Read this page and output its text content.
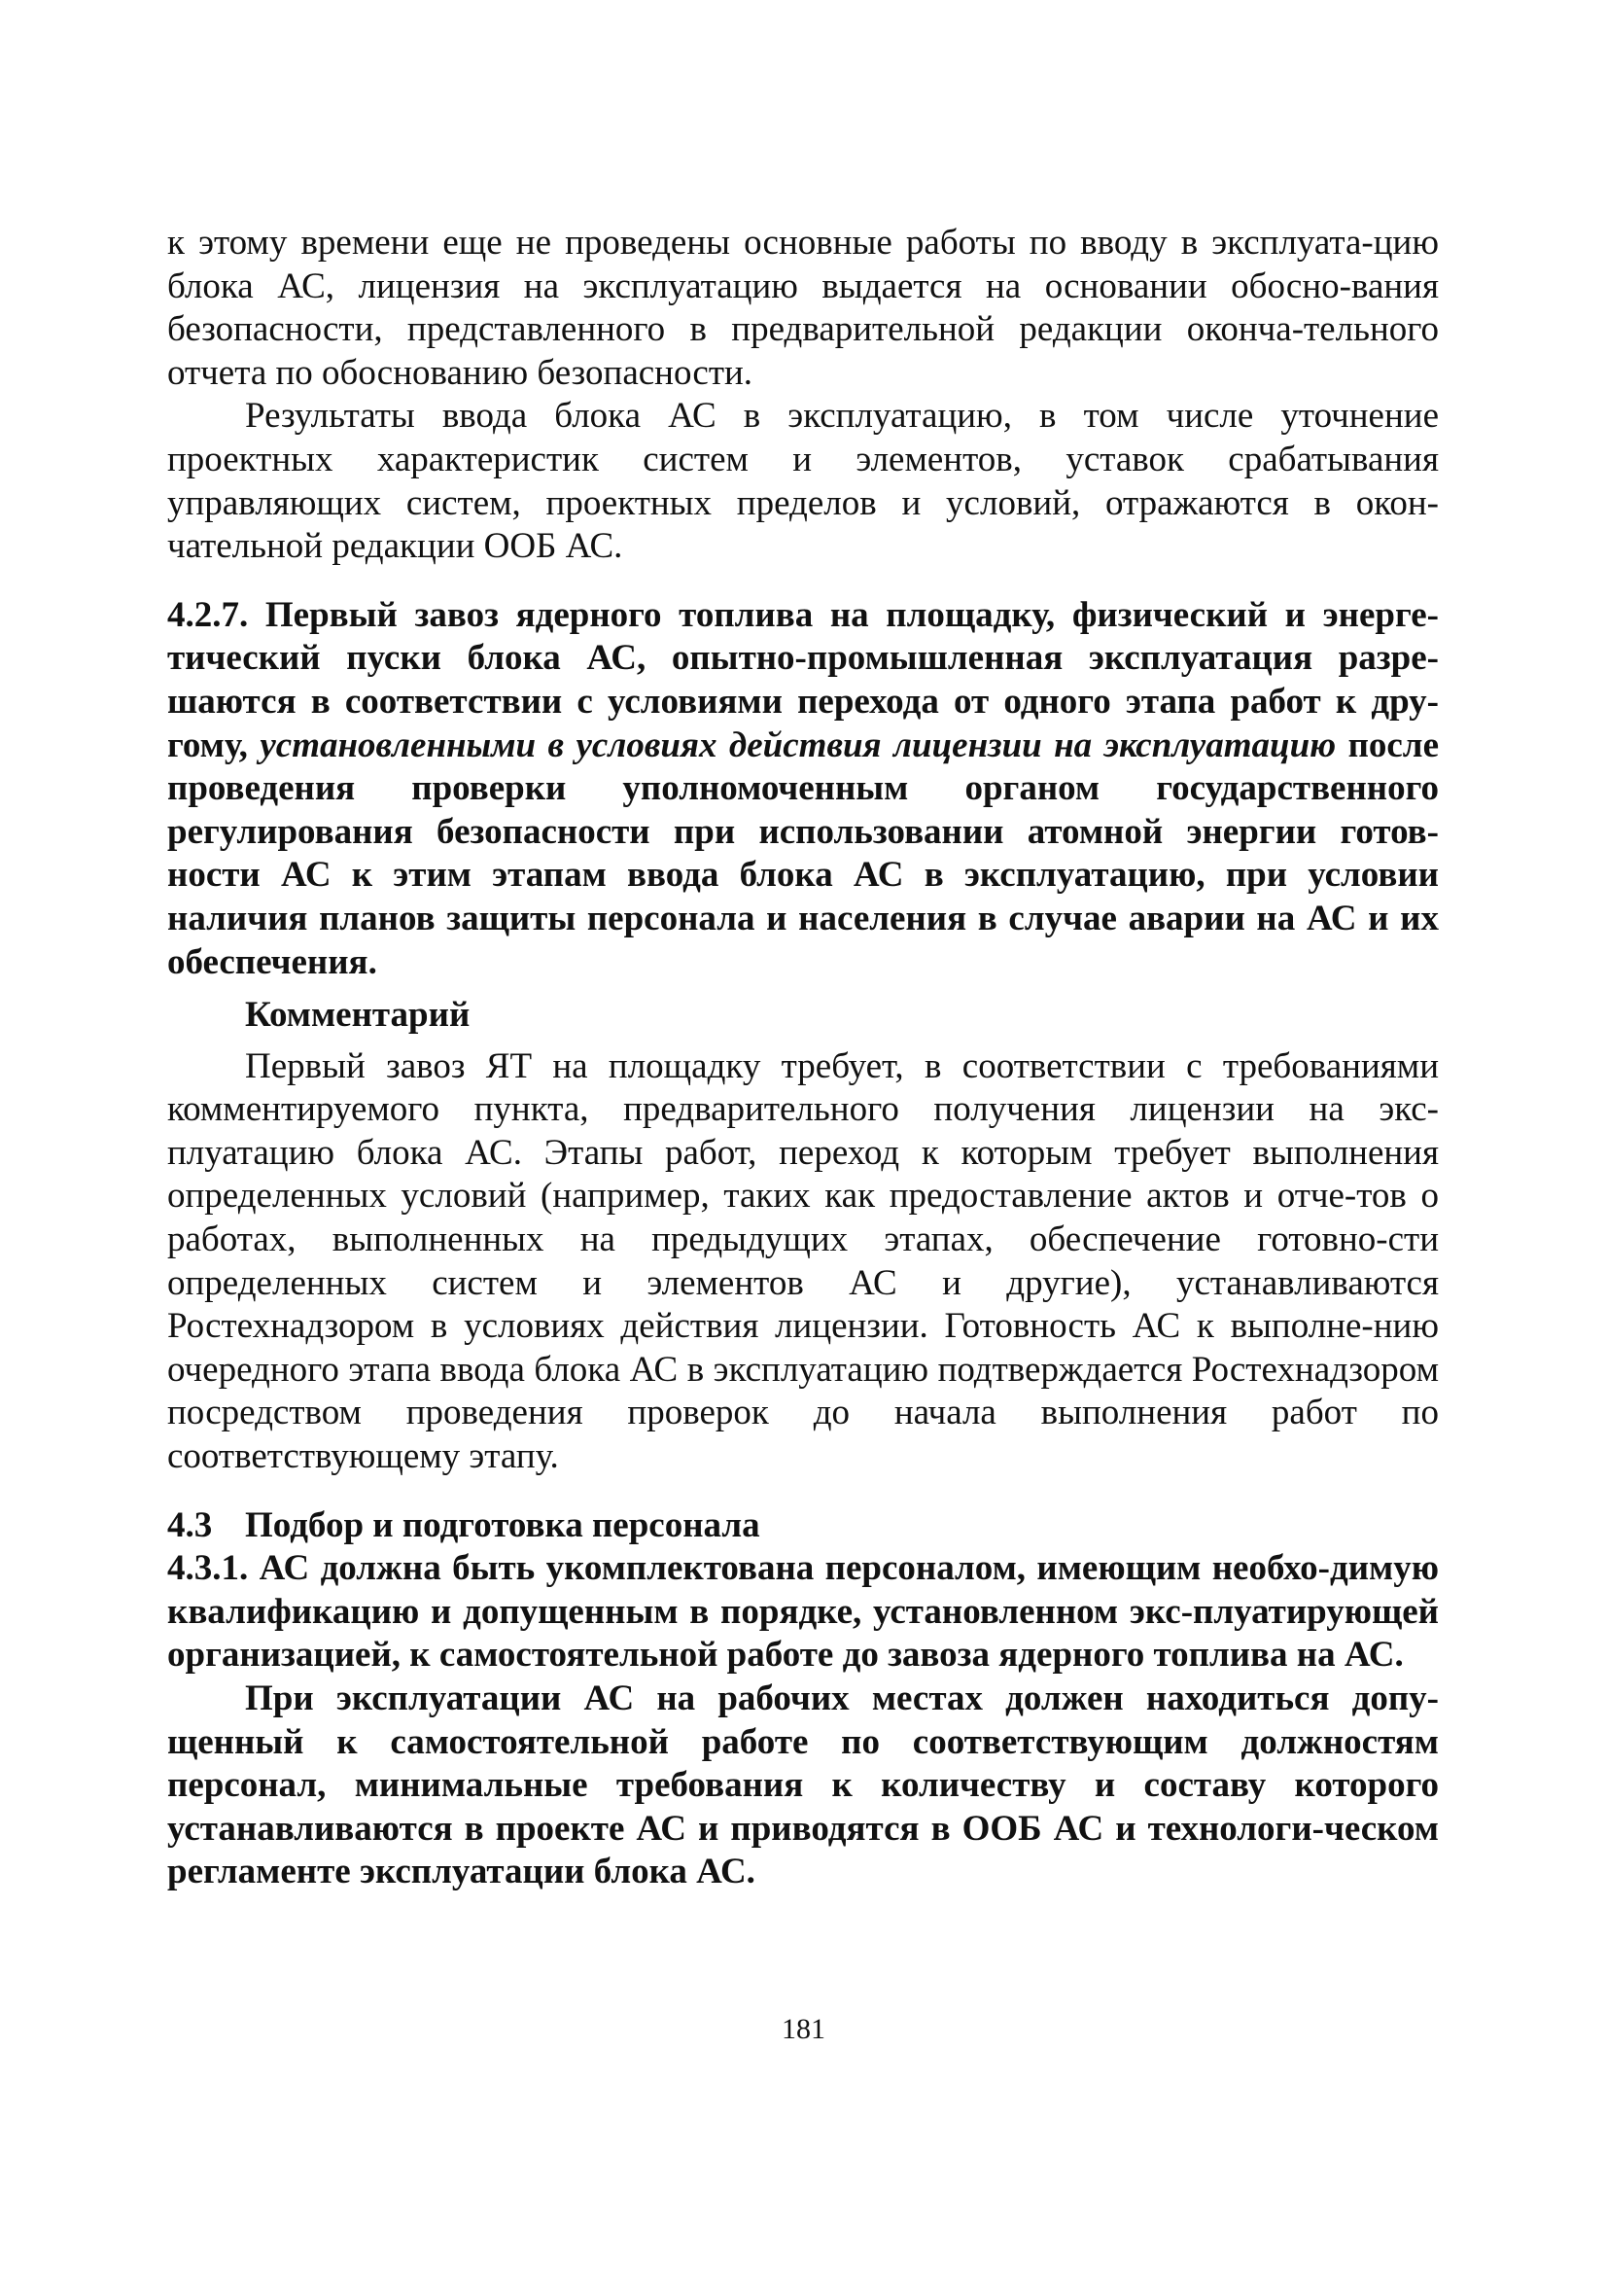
к этому времени еще не проведены основные работы по вводу в эксплуата-цию блока АС, лицензия на эксплуатацию выдается на основании обосно-вания безопасности, представленного в предварительной редакции оконча-тельного отчета по обоснованию безопасности.

Результаты ввода блока АС в эксплуатацию, в том числе уточнение проектных характеристик систем и элементов, уставок срабатывания управляющих систем, проектных пределов и условий, отражаются в окон-чательной редакции ООБ АС.

4.2.7. Первый завоз ядерного топлива на площадку, физический и энерге-тический пуски блока АС, опытно-промышленная эксплуатация разре-шаются в соответствии с условиями перехода от одного этапа работ к дру-гому, установленными в условиях действия лицензии на эксплуатацию после проведения проверки уполномоченным органом государственного регулирования безопасности при использовании атомной энергии готов-ности АС к этим этапам ввода блока АС в эксплуатацию, при условии наличия планов защиты персонала и населения в случае аварии на АС и их обеспечения.

Комментарий

Первый завоз ЯТ на площадку требует, в соответствии с требованиями комментируемого пункта, предварительного получения лицензии на экс-плуатацию блока АС. Этапы работ, переход к которым требует выполнения определенных условий (например, таких как предоставление актов и отче-тов о работах, выполненных на предыдущих этапах, обеспечение готовно-сти определенных систем и элементов АС и другие), устанавливаются Ростехнадзором в условиях действия лицензии. Готовность АС к выполне-нию очередного этапа ввода блока АС в эксплуатацию подтверждается Ростехнадзором посредством проведения проверок до начала выполнения работ по соответствующему этапу.

4.3 Подбор и подготовка персонала

4.3.1. АС должна быть укомплектована персоналом, имеющим необхо-димую квалификацию и допущенным в порядке, установленном экс-плуатирующей организацией, к самостоятельной работе до завоза ядерного топлива на АС.

При эксплуатации АС на рабочих местах должен находиться допу-щенный к самостоятельной работе по соответствующим должностям персонал, минимальные требования к количеству и составу которого устанавливаются в проекте АС и приводятся в ООБ АС и технологи-ческом регламенте эксплуатации блока АС.

181
